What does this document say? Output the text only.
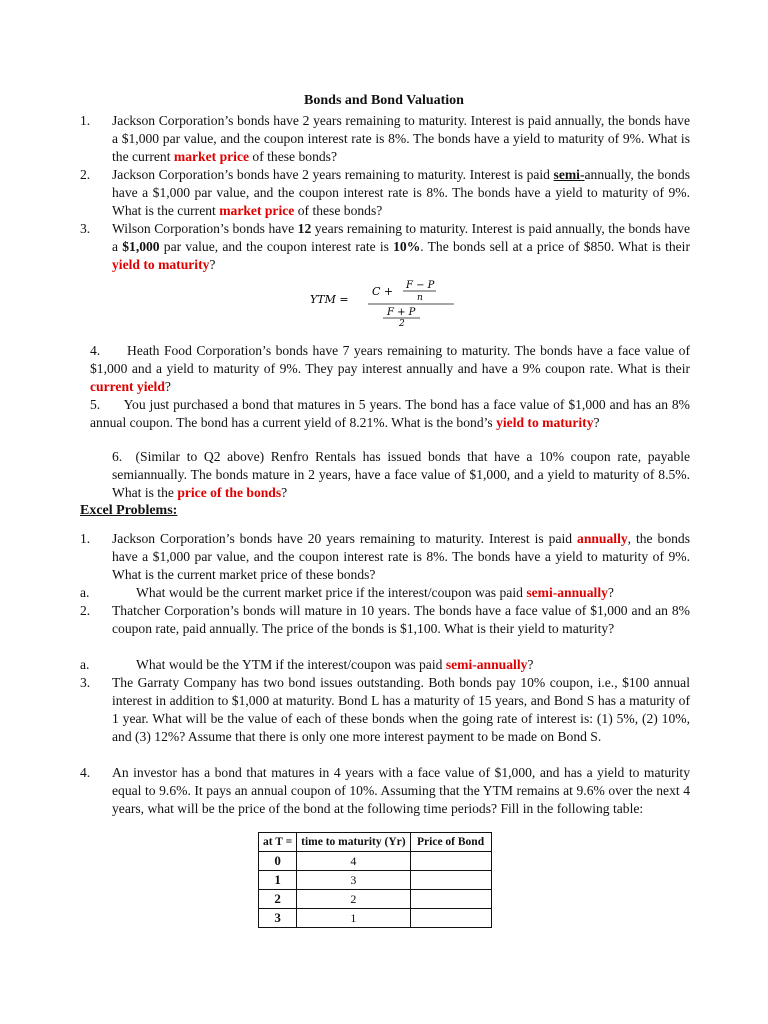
Bonds and Bond Valuation
1. Jackson Corporation’s bonds have 2 years remaining to maturity. Interest is paid annually, the bonds have a $1,000 par value, and the coupon interest rate is 8%. The bonds have a yield to maturity of 9%. What is the current market price of these bonds?
2. Jackson Corporation’s bonds have 2 years remaining to maturity. Interest is paid semi-annually, the bonds have a $1,000 par value, and the coupon interest rate is 8%. The bonds have a yield to maturity of 9%. What is the current market price of these bonds?
3. Wilson Corporation’s bonds have 12 years remaining to maturity. Interest is paid annually, the bonds have a $1,000 par value, and the coupon interest rate is 10%. The bonds sell at a price of $850. What is their yield to maturity?
YTM =
C + F − P
n
F + P
2
4. Heath Food Corporation’s bonds have 7 years remaining to maturity. The bonds have a face value of $1,000 and a yield to maturity of 9%. They pay interest annually and have a 9% coupon rate. What is their current yield?
5. You just purchased a bond that matures in 5 years. The bond has a face value of $1,000 and has an 8% annual coupon. The bond has a current yield of 8.21%. What is the bond’s yield to maturity?
6. (Similar to Q2 above) Renfro Rentals has issued bonds that have a 10% coupon rate, payable semiannually. The bonds mature in 2 years, have a face value of $1,000, and a yield to maturity of 8.5%. What is the price of the bonds?
Excel Problems:
1. Jackson Corporation’s bonds have 20 years remaining to maturity. Interest is paid annually, the bonds have a $1,000 par value, and the coupon interest rate is 8%. The bonds have a yield to maturity of 9%. What is the current market price of these bonds?
a.	What would be the current market price if the interest/coupon was paid semi-annually?
2. Thatcher Corporation’s bonds will mature in 10 years. The bonds have a face value of $1,000 and an 8% coupon rate, paid annually. The price of the bonds is $1,100. What is their yield to maturity?
a.	What would be the YTM if the interest/coupon was paid semi-annually?
3. The Garraty Company has two bond issues outstanding. Both bonds pay 10% coupon, i.e., $100 annual interest in addition to $1,000 at maturity. Bond L has a maturity of 15 years, and Bond S has a maturity of 1 year. What will be the value of each of these bonds when the going rate of interest is: (1) 5%, (2) 10%, and (3) 12%? Assume that there is only one more interest payment to be made on Bond S.
4. An investor has a bond that matures in 4 years with a face value of $1,000, and has a yield to maturity equal to 9.6%. It pays an annual coupon of 10%. Assuming that the YTM remains at 9.6% over the next 4 years, what will be the price of the bond at the following time periods? Fill in the following table:
at T =	time to maturity (Yr)	Price of Bond
0	4	
1	3	
2	2	
3	1	
